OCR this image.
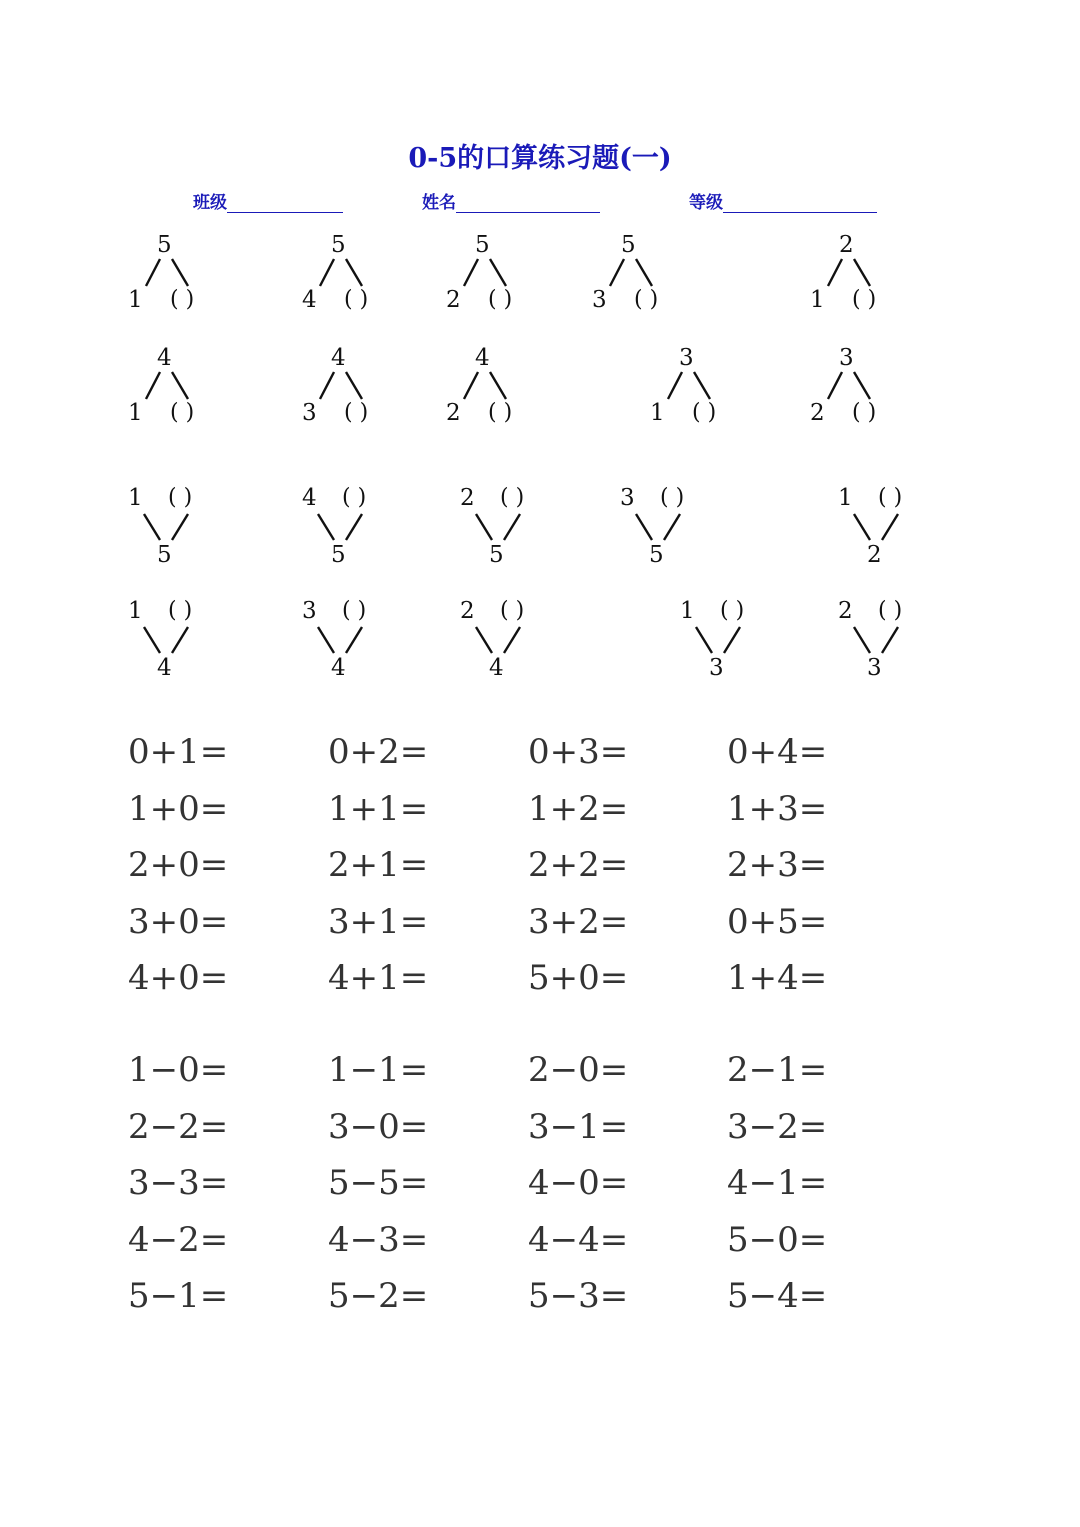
0-5的口算练习题(一)
班级	姓名	等级
5
1 ( )
5
4 ( )
5
2 ( )
5
3 ( )
2
1 ( )
4
1 ( )
4
3 ( )
4
2 ( )
3
1 ( )
3
2 ( )
1 ( )
5
4 ( )
5
2 ( )
5
3 ( )
5
1 ( )
2
1 ( )
4
3 ( )
4
2 ( )
4
1 ( )
3
2 ( )
3
0+1=	0+2=	0+3=	0+4=
1+0=	1+1=	1+2=	1+3=
2+0=	2+1=	2+2=	2+3=
3+0=	3+1=	3+2=	0+5=
4+0=	4+1=	5+0=	1+4=
1−0=	1−1=	2−0=	2−1=
2−2=	3−0=	3−1=	3−2=
3−3=	5−5=	4−0=	4−1=
4−2=	4−3=	4−4=	5−0=
5−1=	5−2=	5−3=	5−4=
